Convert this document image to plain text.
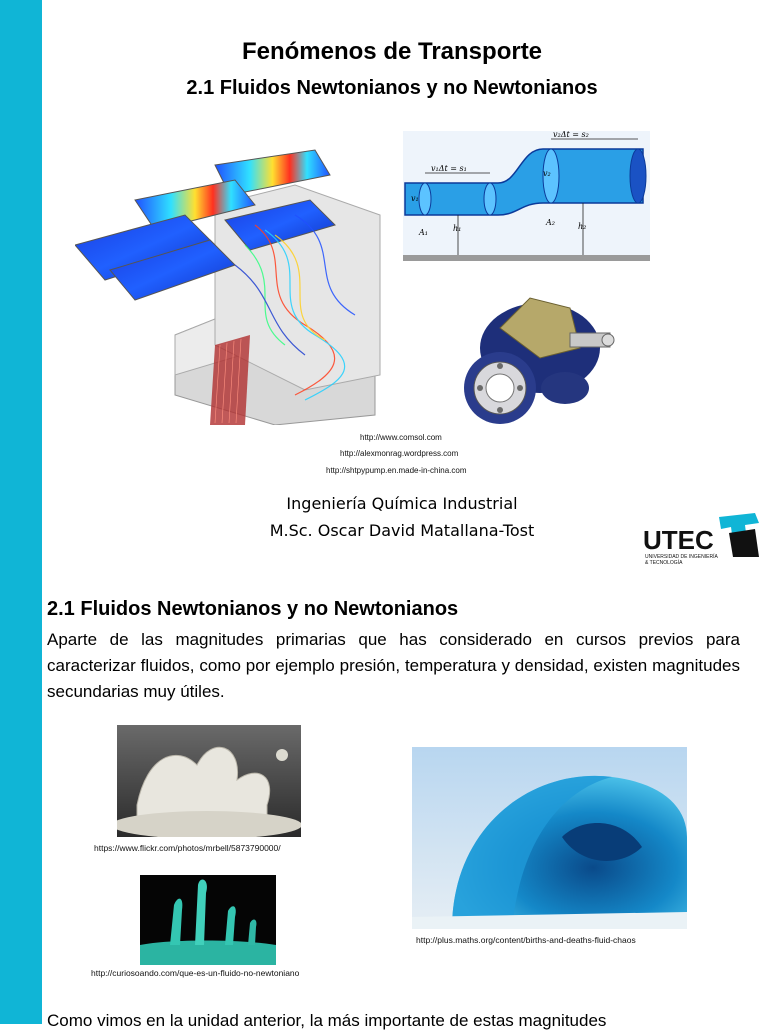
Fenómenos de Transporte
2.1 Fluidos Newtonianos y no Newtonianos
v₂Δt = s₂
v₁Δt = s₁
v₁
v₂
A₁
A₂
h₁	h₂
http://www.comsol.com
http://alexmonrag.wordpress.com
http://shtpypump.en.made-in-china.com
Ingeniería Química Industrial
M.Sc. Oscar David Matallana-Tost	UTEC
UNIVERSIDAD DE INGENIERÍA
& TECNOLOGÍA
2.1 Fluidos Newtonianos y no Newtonianos
Aparte de las magnitudes primarias que has considerado en cursos previos para caracterizar fluidos, como por ejemplo presión, temperatura y densidad, existen magnitudes secundarias muy útiles.
https://www.flickr.com/photos/mrbell/5873790000/
http://plus.maths.org/content/births-and-deaths-fluid-chaos
http://curiosoando.com/que-es-un-fluido-no-newtoniano
Como vimos en la unidad anterior, la más importante de estas magnitudes
